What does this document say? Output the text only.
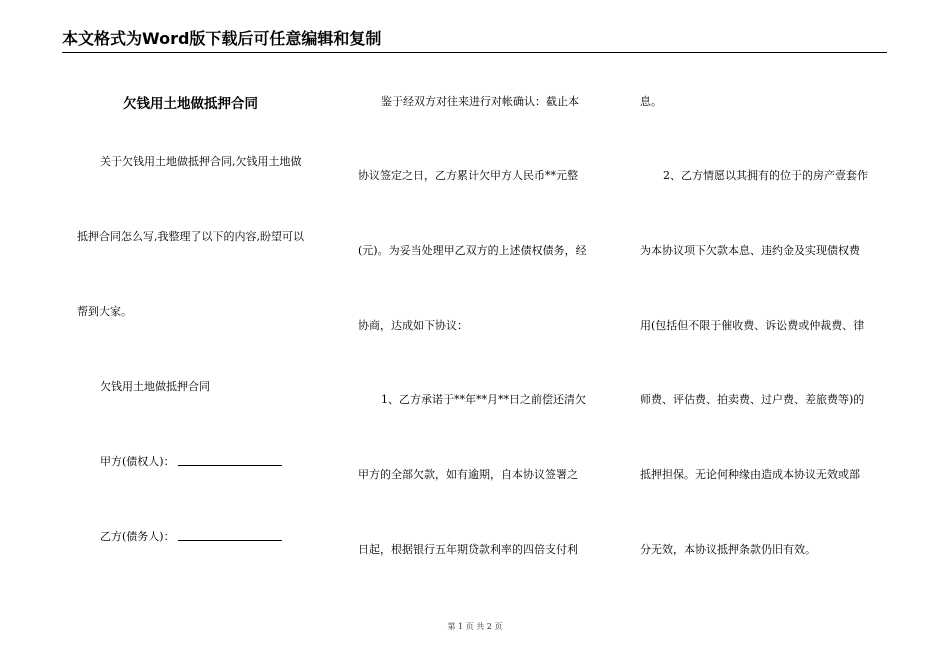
本文格式为Word版下载后可任意编辑和复制
欠钱用土地做抵押合同
关于欠钱用土地做抵押合同,欠钱用土地做
抵押合同怎么写,我整理了以下的内容,盼望可以
帮到大家。
欠钱用土地做抵押合同
甲方(债权人)：
乙方(债务人)：
鉴于经双方对往来进行对帐确认：截止本
协议签定之日，乙方累计欠甲方人民币**元整
(元)。为妥当处理甲乙双方的上述债权债务，经
协商，达成如下协议：
1、乙方承诺于**年**月**日之前偿还清欠
甲方的全部欠款，如有逾期，自本协议签署之
日起，根据银行五年期贷款利率的四倍支付利
息。
2、乙方情愿以其拥有的位于的房产壹套作
为本协议项下欠款本息、违约金及实现债权费
用(包括但不限于催收费、诉讼费或仲裁费、律
师费、评估费、拍卖费、过户费、差旅费等)的
抵押担保。无论何种缘由造成本协议无效或部
分无效，本协议抵押条款仍旧有效。
第 1 页 共 2 页
